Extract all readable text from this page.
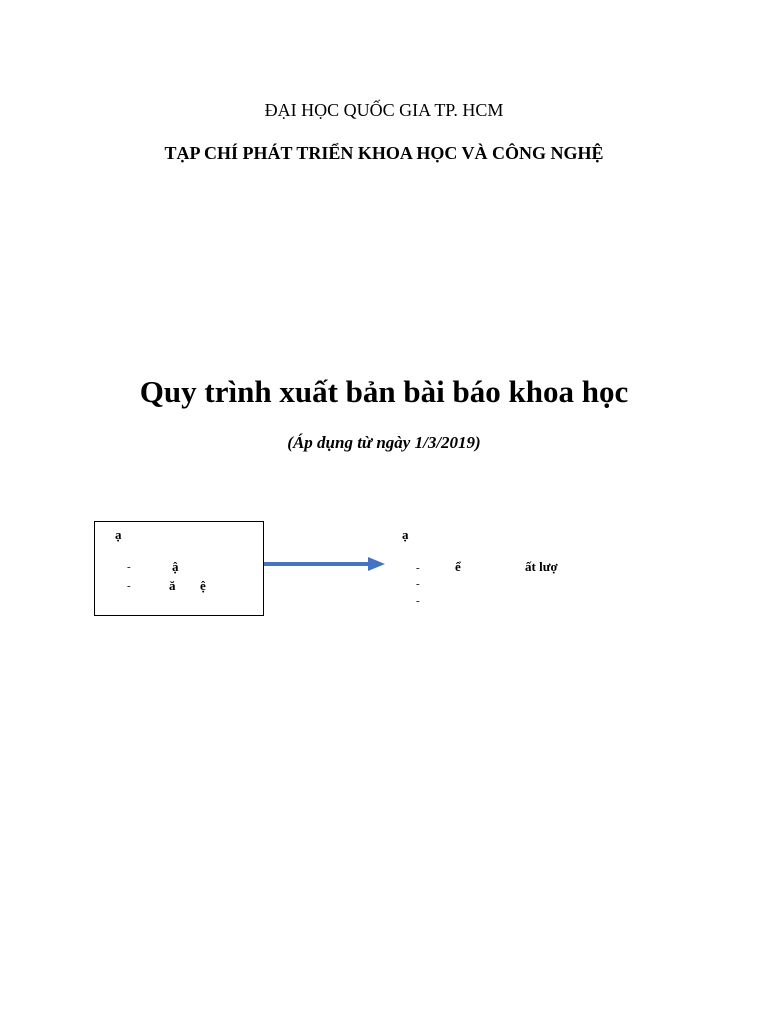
ĐẠI HỌC QUỐC GIA TP. HCM
TẠP CHÍ PHÁT TRIỂN KHOA HỌC VÀ CÔNG NGHỆ
Quy trình xuất bản bài báo khoa học
(Áp dụng từ ngày 1/3/2019)
ạ
-	ậ
-	ă ệ
ạ
-	ể	ất lượ
-
-
